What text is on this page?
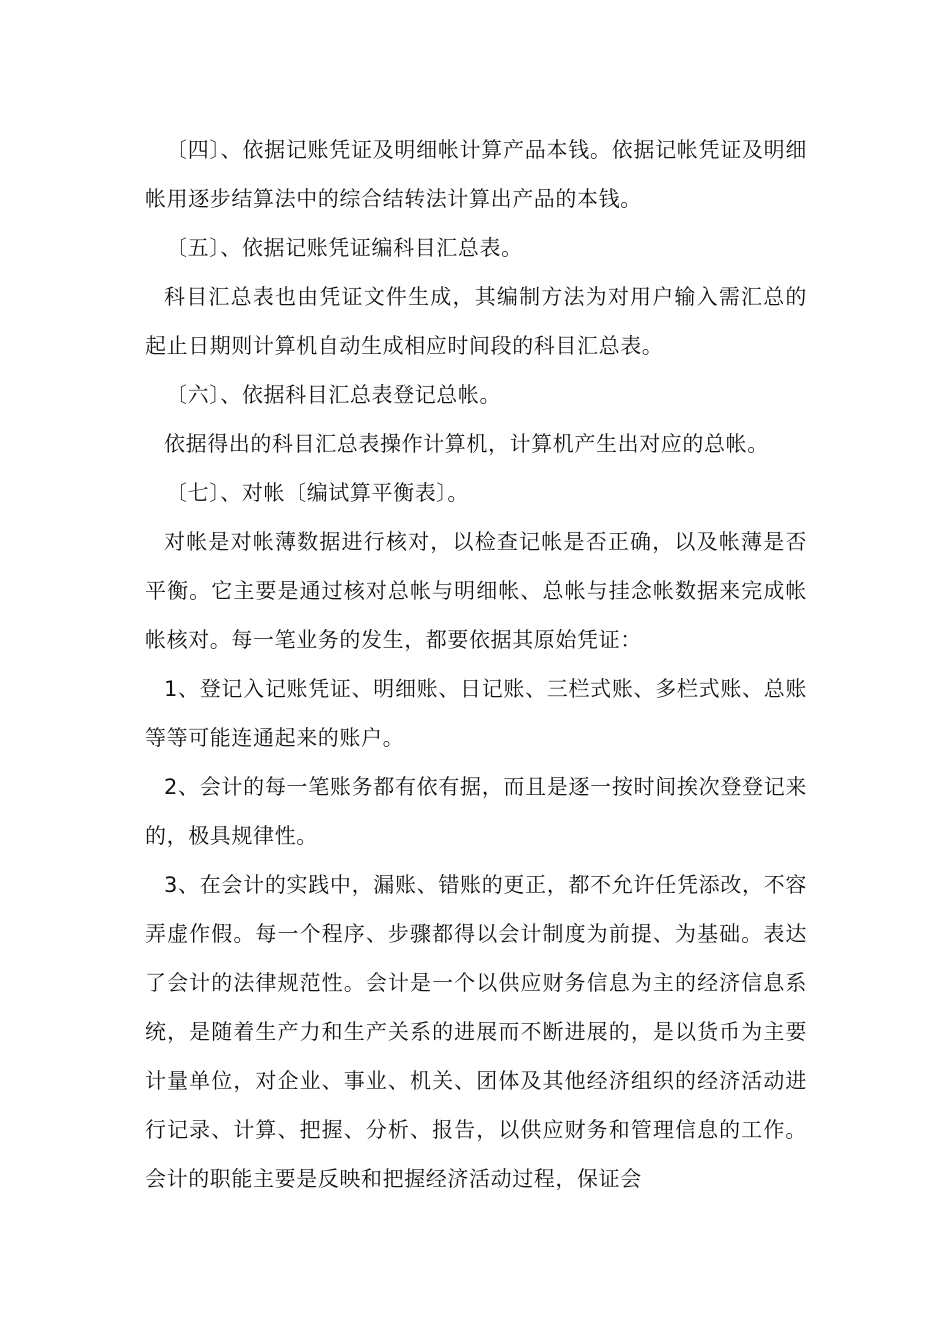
〔四〕、依据记账凭证及明细帐计算产品本钱。依据记帐凭证及明细帐用逐步结算法中的综合结转法计算出产品的本钱。

〔五〕、依据记账凭证编科目汇总表。

科目汇总表也由凭证文件生成，其编制方法为对用户输入需汇总的起止日期则计算机自动生成相应时间段的科目汇总表。

〔六〕、依据科目汇总表登记总帐。

依据得出的科目汇总表操作计算机，计算机产生出对应的总帐。

〔七〕、对帐〔编试算平衡表〕。

对帐是对帐薄数据进行核对，以检查记帐是否正确，以及帐薄是否平衡。它主要是通过核对总帐与明细帐、总帐与挂念帐数据来完成帐帐核对。每一笔业务的发生，都要依据其原始凭证：

1、登记入记账凭证、明细账、日记账、三栏式账、多栏式账、总账等等可能连通起来的账户。

2、会计的每一笔账务都有依有据，而且是逐一按时间挨次登登记来的，极具规律性。

3、在会计的实践中，漏账、错账的更正，都不允许任凭添改，不容弄虚作假。每一个程序、步骤都得以会计制度为前提、为基础。表达了会计的法律规范性。会计是一个以供应财务信息为主的经济信息系统，是随着生产力和生产关系的进展而不断进展的，是以货币为主要计量单位，对企业、事业、机关、团体及其他经济组织的经济活动进行记录、计算、把握、分析、报告，以供应财务和管理信息的工作。会计的职能主要是反映和把握经济活动过程，保证会
